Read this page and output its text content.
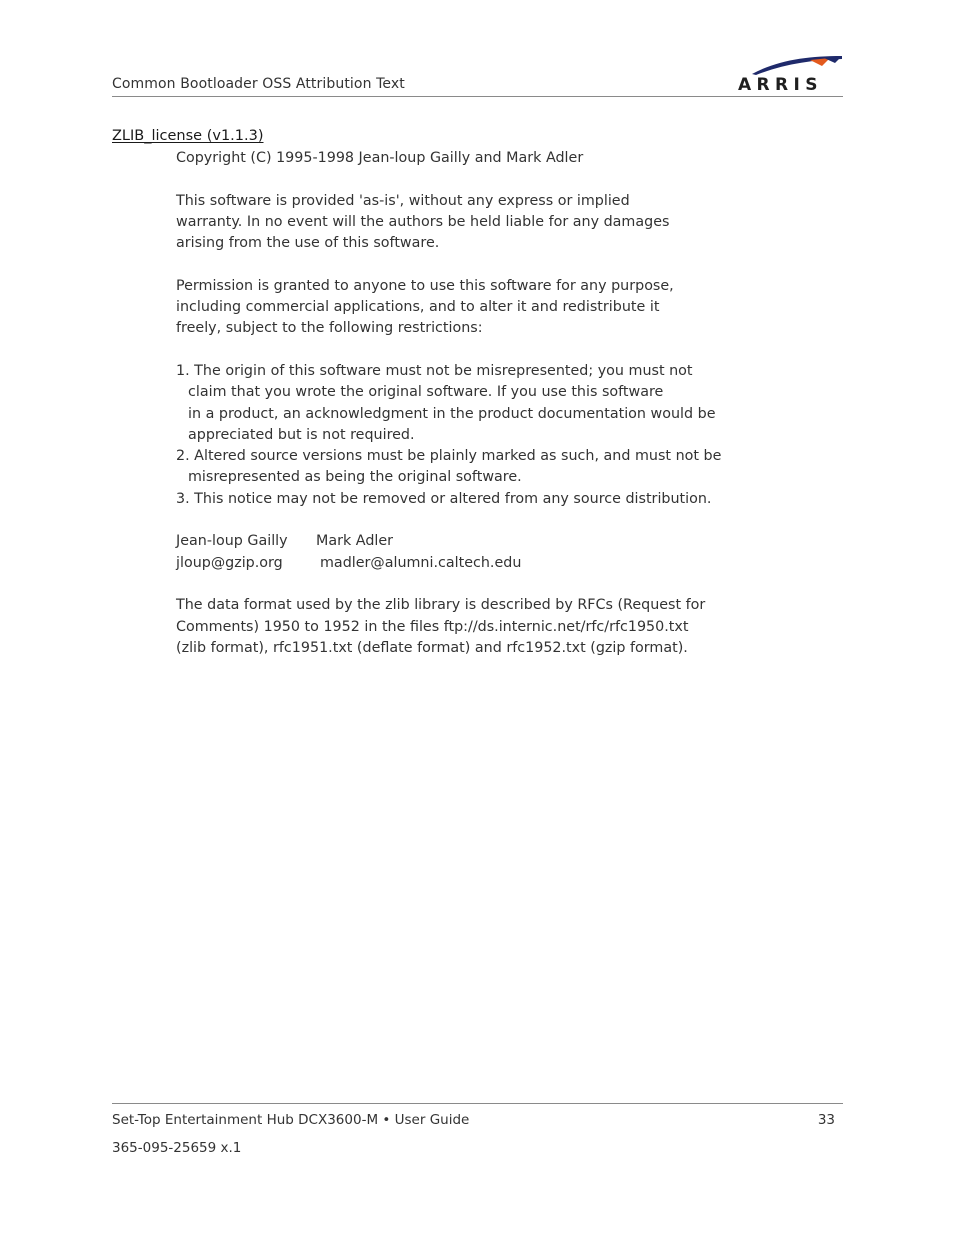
Common Bootloader OSS Attribution Text	ARRIS
ZLIB_license (v1.1.3)

Copyright (C) 1995-1998 Jean-loup Gailly and Mark Adler

This software is provided 'as-is', without any express or implied

warranty. In no event will the authors be held liable for any damages

arising from the use of this software.

Permission is granted to anyone to use this software for any purpose,

including commercial applications, and to alter it and redistribute it

freely, subject to the following restrictions:

1. The origin of this software must not be misrepresented; you must not

claim that you wrote the original software. If you use this software
in a product, an acknowledgment in the product documentation would be
appreciated but is not required.

2. Altered source versions must be plainly marked as such, and must not be

misrepresented as being the original software.

3. This notice may not be removed or altered from any source distribution.

Jean-loup Gailly	Mark Adler
jloup@gzip.org	madler@alumni.caltech.edu

The data format used by the zlib library is described by RFCs (Request for

Comments) 1950 to 1952 in the files ftp://ds.internic.net/rfc/rfc1950.txt

(zlib format), rfc1951.txt (deflate format) and rfc1952.txt (gzip format).

Set-Top Entertainment Hub DCX3600-M • User Guide	33
365-095-25659 x.1
